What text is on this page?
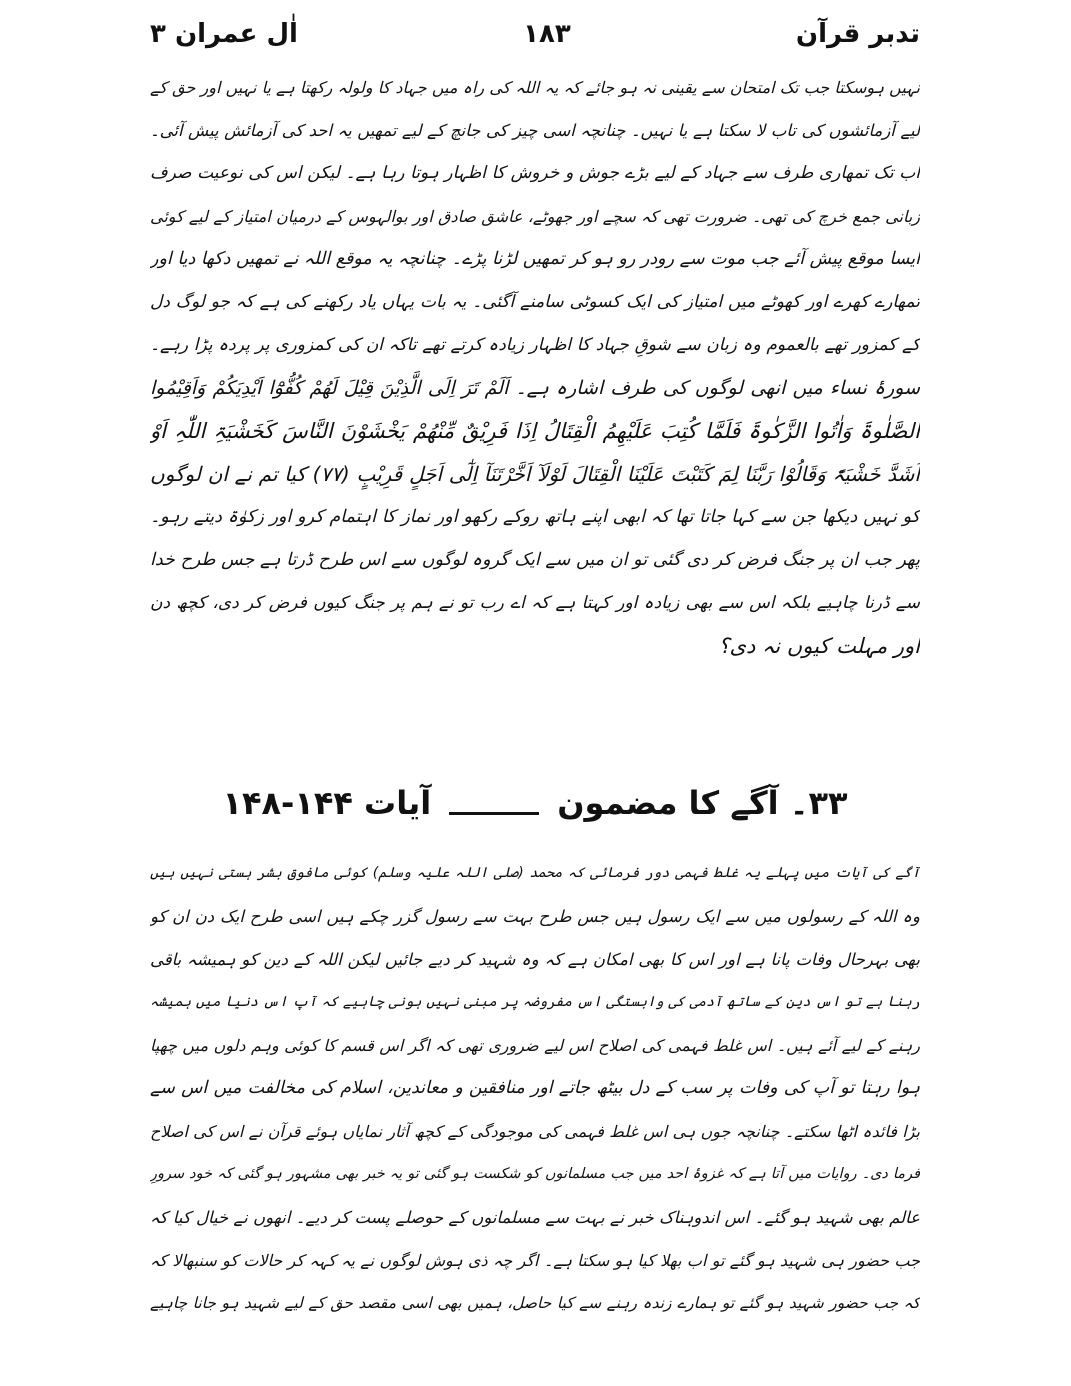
تدبر قرآن
۱۸۳
اٰل عمران ۳
نہیں ہوسکتا جب تک امتحان سے یقینی نہ ہو جائے کہ یہ اللہ کی راہ میں جہاد کا ولولہ رکھتا ہے یا نہیں اور حق کے
لیے آزمائشوں کی تاب لا سکتا ہے یا نہیں۔ چنانچہ اسی چیز کی جانچ کے لیے تمھیں یہ احد کی آزمائش پیش آئی۔
اب تک تمھاری طرف سے جہاد کے لیے بڑے جوش و خروش کا اظہار ہوتا رہا ہے۔ لیکن اس کی نوعیت صرف
زبانی جمع خرچ کی تھی۔ ضرورت تھی کہ سچے اور جھوٹے، عاشق صادق اور بوالہوس کے درمیان امتیاز کے لیے کوئی
ایسا موقع پیش آئے جب موت سے رودر رو ہو کر تمھیں لڑنا پڑے۔ چنانچہ یہ موقع اللہ نے تمھیں دکھا دیا اور
تمھارے کھرے اور کھوٹے میں امتیاز کی ایک کسوٹی سامنے آگئی۔ یہ بات یہاں یاد رکھنے کی ہے کہ جو لوگ دل
کے کمزور تھے بالعموم وہ زبان سے شوقِ جہاد کا اظہار زیادہ کرتے تھے تاکہ ان کی کمزوری پر پردہ پڑا رہے۔
سورۂ نساء میں انھی لوگوں کی طرف اشارہ ہے۔ اَلَمْ تَرَ اِلَی الَّذِیْنَ قِیْلَ لَھُمْ کُفُّوْٓا اَیْدِیَکُمْ وَاَقِیْمُوا
الصَّلٰوۃَ وَاٰتُوا الزَّکٰوۃَ فَلَمَّا کُتِبَ عَلَیْھِمُ الْقِتَالُ اِذَا فَرِیْقٌ مِّنْھُمْ یَخْشَوْنَ النَّاسَ کَخَشْیَۃِ اللّٰہِ اَوْ
اَشَدَّ خَشْیَۃً وَقَالُوْا رَبَّنَا لِمَ کَتَبْتَ عَلَیْنَا الْقِتَالَ لَوْلَآ اَخَّرْتَنَآ اِلٰٓی اَجَلٍ قَرِیْبٍ (۷۷) کیا تم نے ان لوگوں
کو نہیں دیکھا جن سے کہا جاتا تھا کہ ابھی اپنے ہاتھ روکے رکھو اور نماز کا اہتمام کرو اور زکوٰۃ دیتے رہو۔
پھر جب ان پر جنگ فرض کر دی گئی تو ان میں سے ایک گروہ لوگوں سے اس طرح ڈرتا ہے جس طرح خدا
سے ڈرنا چاہیے بلکہ اس سے بھی زیادہ اور کہتا ہے کہ اے رب تو نے ہم پر جنگ کیوں فرض کر دی، کچھ دن
اور مہلت کیوں نہ دی؟
۳۳۔ آگے کا مضمون
آیات ۱۴۴-۱۴۸
آگے کی آیات میں پہلے یہ غلط فہمی دور فرمائی کہ محمد (صلی اللہ علیہ وسلم) کوئی مافوق بشر ہستی نہیں ہیں
وہ اللہ کے رسولوں میں سے ایک رسول ہیں جس طرح بہت سے رسول گزر چکے ہیں اسی طرح ایک دن ان کو
بھی بہرحال وفات پانا ہے اور اس کا بھی امکان ہے کہ وہ شہید کر دیے جائیں لیکن اللہ کے دین کو ہمیشہ باقی
رہنا ہے تو اس دین کے ساتھ آدمی کی وابستگی اس مفروضہ پر مبنی نہیں ہونی چاہیے کہ آپ اس دنیا میں ہمیشہ
رہنے کے لیے آئے ہیں۔ اس غلط فہمی کی اصلاح اس لیے ضروری تھی کہ اگر اس قسم کا کوئی وہم دلوں میں چھپا
ہوا رہتا تو آپ کی وفات پر سب کے دل بیٹھ جاتے اور منافقین و معاندین، اسلام کی مخالفت میں اس سے
بڑا فائدہ اٹھا سکتے۔ چنانچہ جوں ہی اس غلط فہمی کی موجودگی کے کچھ آثار نمایاں ہوئے قرآن نے اس کی اصلاح
فرما دی۔ روایات میں آتا ہے کہ غزوۂ احد میں جب مسلمانوں کو شکست ہو گئی تو یہ خبر بھی مشہور ہو گئی کہ خود سرورِ
عالم بھی شہید ہو گئے۔ اس اندوہناک خبر نے بہت سے مسلمانوں کے حوصلے پست کر دیے۔ انھوں نے خیال کیا کہ
جب حضور ہی شہید ہو گئے تو اب بھلا کیا ہو سکتا ہے۔ اگر چہ ذی ہوش لوگوں نے یہ کہہ کر حالات کو سنبھالا کہ
کہ جب حضور شہید ہو گئے تو ہمارے زندہ رہنے سے کیا حاصل، ہمیں بھی اسی مقصد حق کے لیے شہید ہو جانا چاہیے
